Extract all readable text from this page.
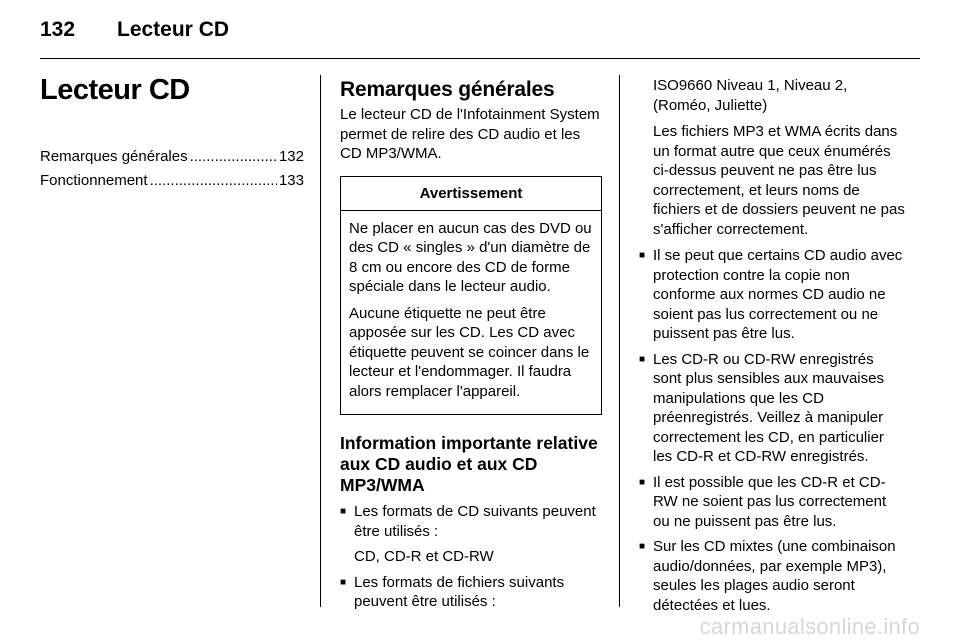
132 Lecteur CD
Lecteur CD
Remarques générales .....	132
Fonctionnement .....	133
Remarques générales

Le lecteur CD de l'Infotainment System permet de relire des CD audio et les CD MP3/WMA.

Avertissement

Ne placer en aucun cas des DVD ou des CD « singles » d'un diamètre de 8 cm ou encore des CD de forme spéciale dans le lecteur audio.

Aucune étiquette ne peut être apposée sur les CD. Les CD avec étiquette peuvent se coincer dans le lecteur et l'endommager. Il faudra alors remplacer l'appareil.

Information importante relative aux CD audio et aux CD MP3/WMA

■ Les formats de CD suivants peuvent être utilisés :

CD, CD-R et CD-RW

■ Les formats de fichiers suivants peuvent être utilisés :

ISO9660 Niveau 1, Niveau 2, (Roméo, Juliette)

Les fichiers MP3 et WMA écrits dans un format autre que ceux énumérés ci-dessus peuvent ne pas être lus correctement, et leurs noms de fichiers et de dossiers peuvent ne pas s'afficher correctement.

■ Il se peut que certains CD audio avec protection contre la copie non conforme aux normes CD audio ne soient pas lus correctement ou ne puissent pas être lus.

■ Les CD-R ou CD-RW enregistrés sont plus sensibles aux mauvaises manipulations que les CD préenregistrés. Veillez à manipuler correctement les CD, en particulier les CD-R et CD-RW enregistrés.

■ Il est possible que les CD-R et CD-RW ne soient pas lus correctement ou ne puissent pas être lus.

■ Sur les CD mixtes (une combinaison audio/données, par exemple MP3), seules les plages audio seront détectées et lues.

carmanualsonline.info
